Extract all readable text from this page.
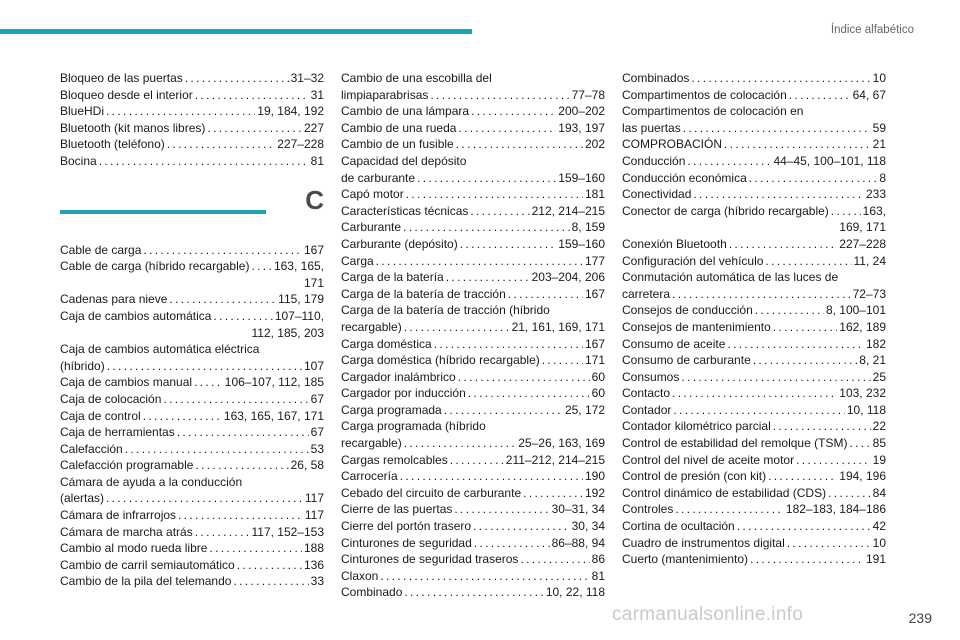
Índice alfabético
Bloqueo de las puertas . . .	31–32
Bloqueo desde el interior . . .	31
BlueHDi . . .	19, 184, 192
Bluetooth (kit manos libres) . . .	227
Bluetooth (teléfono) . . .	227–228
Bocina . . .	81
C
Cable de carga . . .	167
Cable de carga (híbrido recargable) . . . 163, 165,
171
Cadenas para nieve . . .	115, 179
Caja de cambios automática . . .	107–110,
112, 185, 203
Caja de cambios automática eléctrica
(híbrido) . . .	107
Caja de cambios manual . . .	106–107, 112, 185
Caja de colocación . . .	67
Caja de control . . .	163, 165, 167, 171
Caja de herramientas . . .	67
Calefacción . . .	53
Calefacción programable . . .	26, 58
Cámara de ayuda a la conducción
(alertas) . . .	117
Cámara de infrarrojos . . .	117
Cámara de marcha atrás . . .	117, 152–153
Cambio al modo rueda libre . . .	188
Cambio de carril semiautomático . . .	136
Cambio de la pila del telemando . . .	33
Cambio de una escobilla del
limpiaparabrisas . . .	77–78
Cambio de una lámpara . . .	200–202
Cambio de una rueda . . .	193, 197
Cambio de un fusible . . .	202
Capacidad del depósito
de carburante . . .	159–160
Capó motor . . .	181
Características técnicas . . .	212, 214–215
Carburante . . .	8, 159
Carburante (depósito) . . .	159–160
Carga . . .	177
Carga de la batería . . .	203–204, 206
Carga de la batería de tracción . . .	167
Carga de la batería de tracción (híbrido
recargable) . . .	21, 161, 169, 171
Carga doméstica . . .	167
Carga doméstica (híbrido recargable) . . .	171
Cargador inalámbrico . . .	60
Cargador por inducción . . .	60
Carga programada . . .	25, 172
Carga programada (híbrido
recargable) . . .	25–26, 163, 169
Cargas remolcables . . .	211–212, 214–215
Carrocería . . .	190
Cebado del circuito de carburante . . .	192
Cierre de las puertas . . .	30–31, 34
Cierre del portón trasero . . .	30, 34
Cinturones de seguridad . . .	86–88, 94
Cinturones de seguridad traseros . . .	86
Claxon . . .	81
Combinado . . .	10, 22, 118
Combinados . . .	10
Compartimentos de colocación . . .	64, 67
Compartimentos de colocación en
las puertas . . .	59
COMPROBACIÓN . . .	21
Conducción . . .	44–45, 100–101, 118
Conducción económica . . .	8
Conectividad . . .	233
Conector de carga (híbrido recargable) . . .	163,
169, 171
Conexión Bluetooth . . .	227–228
Configuración del vehículo . . .	11, 24
Conmutación automática de las luces de
carretera . . .	72–73
Consejos de conducción . . .	8, 100–101
Consejos de mantenimiento . . .	162, 189
Consumo de aceite . . .	182
Consumo de carburante . . .	8, 21
Consumos . . .	25
Contacto . . .	103, 232
Contador . . .	10, 118
Contador kilométrico parcial . . .	22
Control de estabilidad del remolque (TSM) . . . 85
Control del nivel de aceite motor . . .	19
Control de presión (con kit) . . .	194, 196
Control dinámico de estabilidad (CDS) . . .	84
Controles . . .	182–183, 184–186
Cortina de ocultación . . .	42
Cuadro de instrumentos digital . . .	10
Cuerto (mantenimiento) . . .	191
carmanualsonline.info	239
